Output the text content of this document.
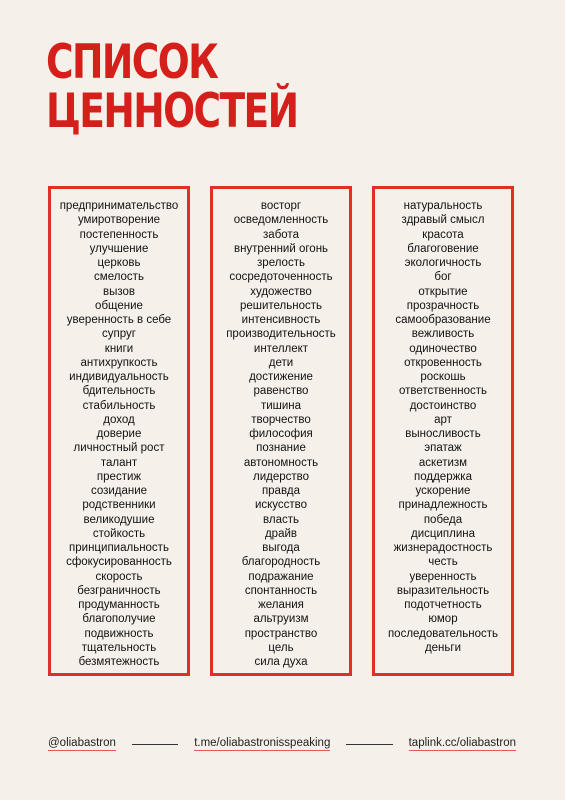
СПИСОК
ЦЕННОСТЕЙ
предпринимательство
умиротворение
постепенность
улучшение
церковь
смелость
вызов
общение
уверенность в себе
супруг
книги
антихрупкость
индивидуальность
бдительность
стабильность
доход
доверие
личностный рост
талант
престиж
созидание
родственники
великодушие
стойкость
принципиальность
сфокусированность
скорость
безграничность
продуманность
благополучие
подвижность
тщательность
безмятежность
восторг
осведомленность
забота
внутренний огонь
зрелость
сосредоточенность
художество
решительность
интенсивность
производительность
интеллект
дети
достижение
равенство
тишина
творчество
философия
познание
автономность
лидерство
правда
искусство
власть
драйв
выгода
благородность
подражание
спонтанность
желания
альтруизм
пространство
цель
сила духа
натуральность
здравый смысл
красота
благоговение
экологичность
бог
открытие
прозрачность
самообразование
вежливость
одиночество
откровенность
роскошь
ответственность
достоинство
арт
выносливость
эпатаж
аскетизм
поддержка
ускорение
принадлежность
победа
дисциплина
жизнерадостность
честь
уверенность
выразительность
подотчетность
юмор
последовательность
деньги
@oliabastron	t.me/oliabastronisspeaking	taplink.cc/oliabastron
